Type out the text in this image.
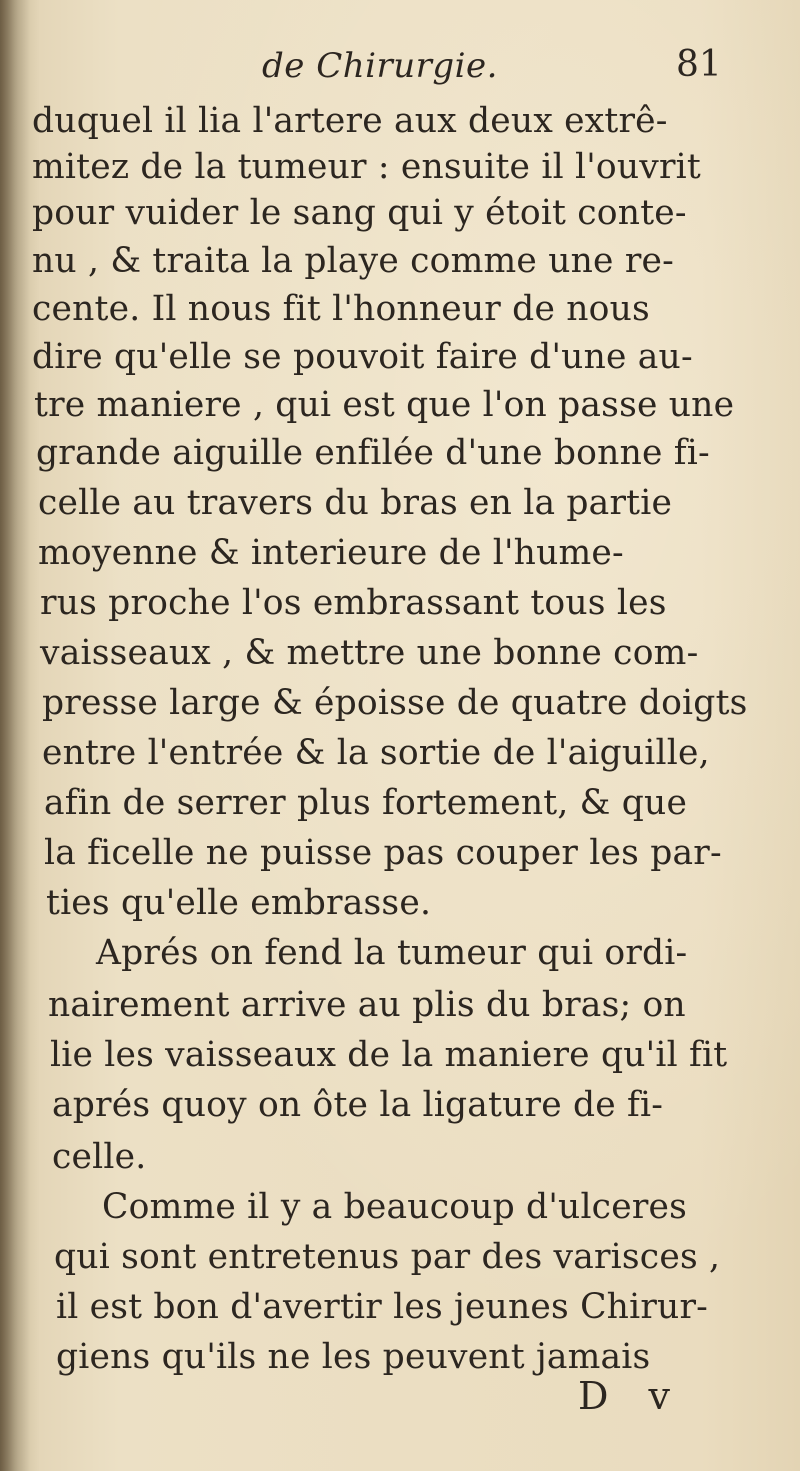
de Chirurgie.	81
duquel il lia l'artere aux deux extrê-
mitez de la tumeur : ensuite il l'ouvrit
pour vuider le sang qui y étoit conte-
nu , & traita la playe comme une re-
cente. Il nous fit l'honneur de nous
dire qu'elle se pouvoit faire d'une au-
tre maniere , qui est que l'on passe une
grande aiguille enfilée d'une bonne fi-
celle au travers du bras en la partie
moyenne & interieure de l'hume-
rus proche l'os embrassant tous les
vaisseaux , & mettre une bonne com-
presse large & époisse de quatre doigts
entre l'entrée & la sortie de l'aiguille,
afin de serrer plus fortement, & que
la ficelle ne puisse pas couper les par-
ties qu'elle embrasse.
Aprés on fend la tumeur qui ordi-
nairement arrive au plis du bras; on
lie les vaisseaux de la maniere qu'il fit
aprés quoy on ôte la ligature de fi-
celle.
Comme il y a beaucoup d'ulceres
qui sont entretenus par des varisces ,
il est bon d'avertir les jeunes Chirur-
giens qu'ils ne les peuvent jamais
D v
